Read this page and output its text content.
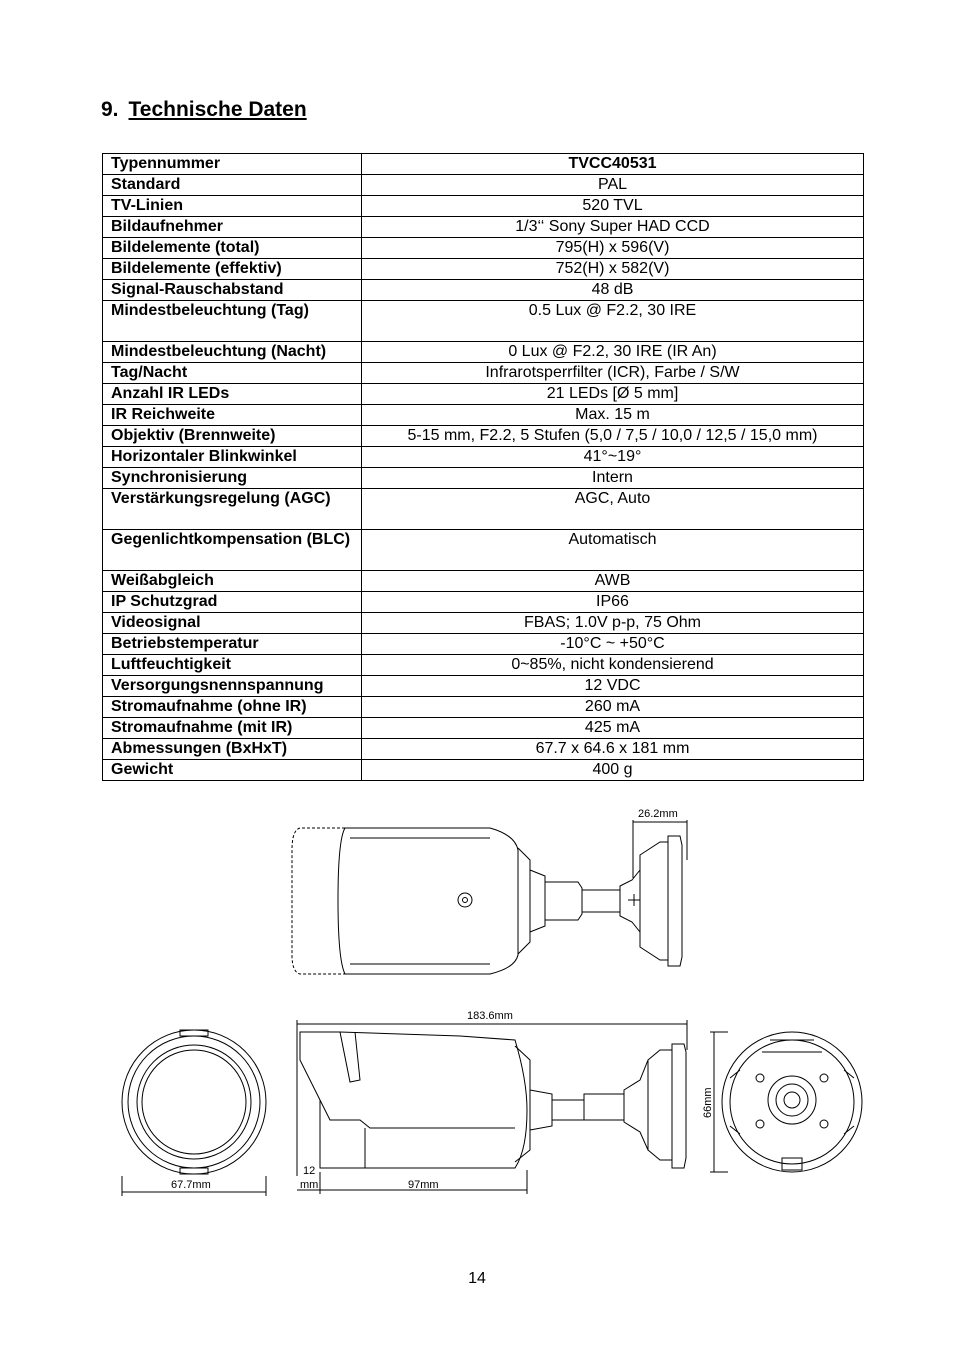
9. Technische Daten
Typennummer	TVCC40531
Standard	PAL
TV-Linien	520 TVL
Bildaufnehmer	1/3‘‘ Sony Super HAD CCD
Bildelemente (total)	795(H) x 596(V)
Bildelemente (effektiv)	752(H) x 582(V)
Signal-Rauschabstand	48 dB
Mindestbeleuchtung (Tag)	0.5 Lux @ F2.2, 30 IRE
Mindestbeleuchtung (Nacht)	0 Lux @ F2.2, 30 IRE (IR An)
Tag/Nacht	Infrarotsperrfilter (ICR), Farbe / S/W
Anzahl IR LEDs	21 LEDs [Ø 5 mm]
IR Reichweite	Max. 15 m
Objektiv (Brennweite)	5-15 mm, F2.2, 5 Stufen (5,0 / 7,5 / 10,0 / 12,5 / 15,0 mm)
Horizontaler Blinkwinkel	41°~19°
Synchronisierung	Intern
Verstärkungsregelung (AGC)	AGC, Auto
Gegenlichtkompensation (BLC)	Automatisch
Weißabgleich	AWB
IP Schutzgrad	IP66
Videosignal	FBAS; 1.0V p-p, 75 Ohm
Betriebstemperatur	-10°C ~ +50°C
Luftfeuchtigkeit	0~85%, nicht kondensierend
Versorgungsnennspannung	12 VDC
Stromaufnahme (ohne IR)	260 mA
Stromaufnahme (mit IR)	425 mA
Abmessungen (BxHxT)	67.7 x 64.6 x 181 mm
Gewicht	400 g
26.2mm
183.6mm
12
mm	97mm
67.7mm
66mm
14
